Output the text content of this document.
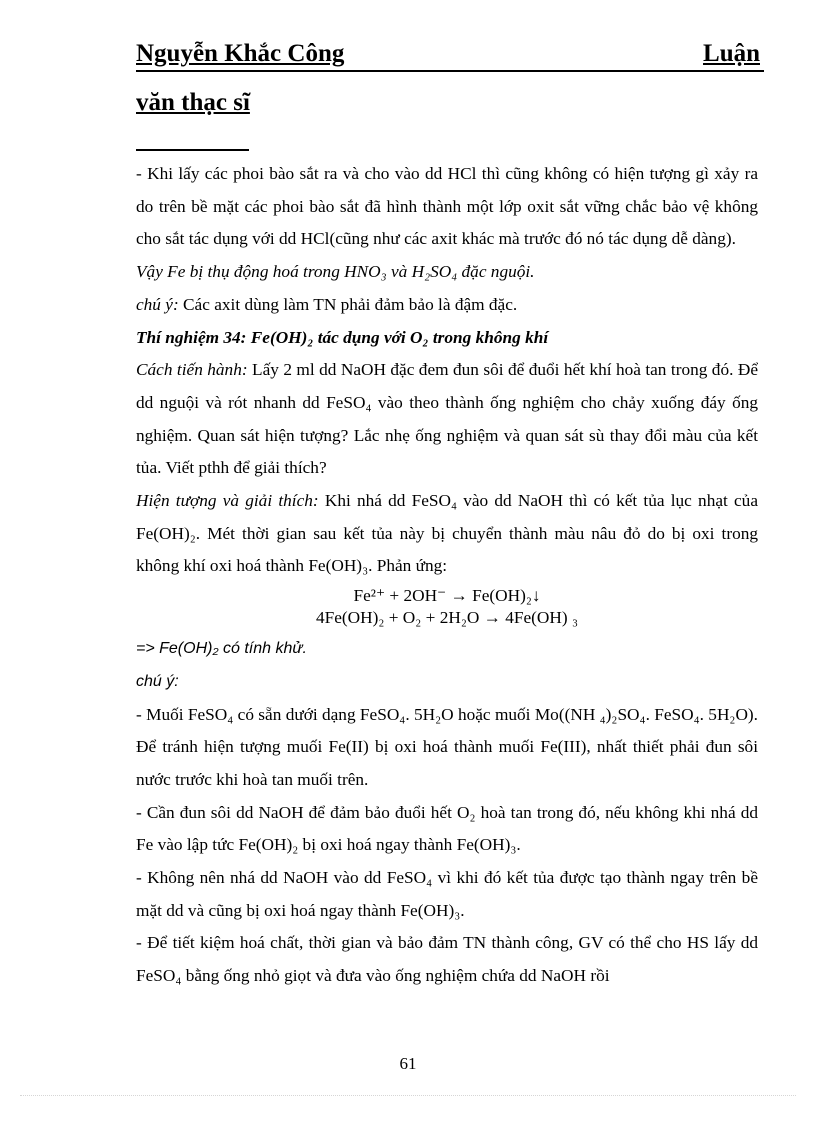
Nguyễn Khắc Công	Luận
văn thạc sĩ

- Khi lấy các phoi bào sắt ra và cho vào dd HCl thì cũng không có hiện tượng gì xảy ra do trên bề mặt các phoi bào sắt đã hình thành một lớp oxit sắt vững chắc bảo vệ không cho sắt tác dụng với dd HCl(cũng như các axit khác mà trước đó nó tác dụng dễ dàng).

Vậy Fe bị thụ động hoá trong HNO₃ và H₂SO₄ đặc nguội.

chú ý: Các axit dùng làm TN phải đảm bảo là đậm đặc.

Thí nghiệm 34: Fe(OH)₂ tác dụng với O₂ trong không khí

Cách tiến hành: Lấy 2 ml dd NaOH đặc đem đun sôi để đuổi hết khí hoà tan trong đó. Để dd nguội và rót nhanh dd FeSO₄ vào theo thành ống nghiệm cho chảy xuống đáy ống nghiệm. Quan sát hiện tượng? Lắc nhẹ ống nghiệm và quan sát sù thay đổi màu của kết tủa. Viết pthh để giải thích?

Hiện tượng và giải thích: Khi nhá dd FeSO₄ vào dd NaOH thì có kết tủa lục nhạt của Fe(OH)₂. Mét thời gian sau kết tủa này bị chuyển thành màu nâu đỏ do bị oxi trong không khí oxi hoá thành Fe(OH)₃. Phản ứng:

Fe²⁺ + 2OH⁻ → Fe(OH)₂↓

4Fe(OH)₂ + O₂ + 2H₂O → 4Fe(OH) ₃

=> Fe(OH)₂ có tính khử.

chú ý:

- Muối FeSO₄ có sẵn dưới dạng FeSO₄. 5H₂O hoặc muối Mo((NH ₄)₂SO₄. FeSO₄. 5H₂O). Để tránh hiện tượng muối Fe(II) bị oxi hoá thành muối Fe(III), nhất thiết phải đun sôi nước trước khi hoà tan muối trên.

- Cần đun sôi dd NaOH để đảm bảo đuổi hết O₂ hoà tan trong đó, nếu không khi nhá dd Fe vào lập tức Fe(OH)₂ bị oxi hoá ngay thành Fe(OH)₃.

- Không nên nhá dd NaOH vào dd FeSO₄ vì khi đó kết tủa được tạo thành ngay trên bề mặt dd và cũng bị oxi hoá ngay thành Fe(OH)₃.

- Để tiết kiệm hoá chất, thời gian và bảo đảm TN thành công, GV có thể cho HS lấy dd FeSO₄ bằng ống nhỏ giọt và đưa vào ống nghiệm chứa dd NaOH rồi

61
